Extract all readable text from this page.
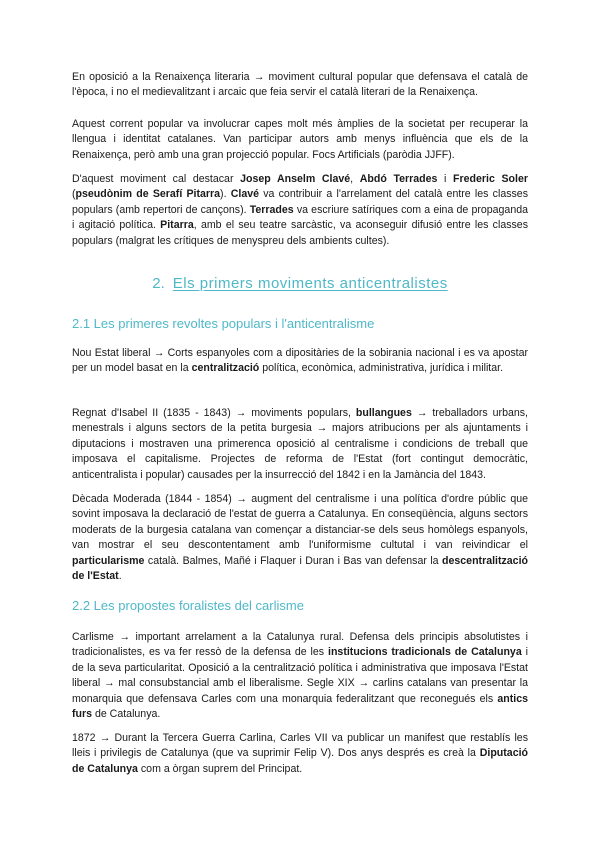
En oposició a la Renaixença literaria → moviment cultural popular que defensava el català de l'època, i no el medievalitzant i arcaic que feia servir el català literari de la Renaixença.

Aquest corrent popular va involucrar capes molt més àmplies de la societat per recuperar la llengua i identitat catalanes. Van participar autors amb menys influència que els de la Renaixença, però amb una gran projecció popular. Focs Artificials (paròdia JJFF).

D'aquest moviment cal destacar Josep Anselm Clavé, Abdó Terrades i Frederic Soler (pseudònim de Serafí Pitarra). Clavé va contribuir a l'arrelament del català entre les classes populars (amb repertori de cançons). Terrades va escriure satíriques com a eina de propaganda i agitació política. Pitarra, amb el seu teatre sarcàstic, va aconseguir difusió entre les classes populars (malgrat les crítiques de menyspreu dels ambients cultes).

2. Els primers moviments anticentralistes
2.1 Les primeres revoltes populars i l'anticentralisme

Nou Estat liberal → Corts espanyoles com a dipositàries de la sobirania nacional i es va apostar per un model basat en la centralització política, econòmica, administrativa, jurídica i militar.

Regnat d'Isabel II (1835 - 1843) → moviments populars, bullangues → treballadors urbans, menestrals i alguns sectors de la petita burgesia → majors atribucions per als ajuntaments i diputacions i mostraven una primerenca oposició al centralisme i condicions de treball que imposava el capitalisme. Projectes de reforma de l'Estat (fort contingut democràtic, anticentralista i popular) causades per la insurrecció del 1842 i en la Jamància del 1843.

Dècada Moderada (1844 - 1854) → augment del centralisme i una política d'ordre públic que sovint imposava la declaració de l'estat de guerra a Catalunya. En conseqüència, alguns sectors moderats de la burgesia catalana van començar a distanciar-se dels seus homòlegs espanyols, van mostrar el seu descontentament amb l'uniformisme cultutal i van reivindicar el particularisme català. Balmes, Mañé i Flaquer i Duran i Bas van defensar la descentralització de l'Estat.

2.2 Les propostes foralistes del carlisme

Carlisme → important arrelament a la Catalunya rural. Defensa dels principis absolutistes i tradicionalistes, es va fer ressò de la defensa de les institucions tradicionals de Catalunya i de la seva particularitat. Oposició a la centralització política i administrativa que imposava l'Estat liberal → mal consubstancial amb el liberalisme. Segle XIX → carlins catalans van presentar la monarquia que defensava Carles com una monarquia federalitzant que reconegués els antics furs de Catalunya.

1872 → Durant la Tercera Guerra Carlina, Carles VII va publicar un manifest que restablís les lleis i privilegis de Catalunya (que va suprimir Felip V). Dos anys després es creà la Diputació de Catalunya com a òrgan suprem del Principat.
